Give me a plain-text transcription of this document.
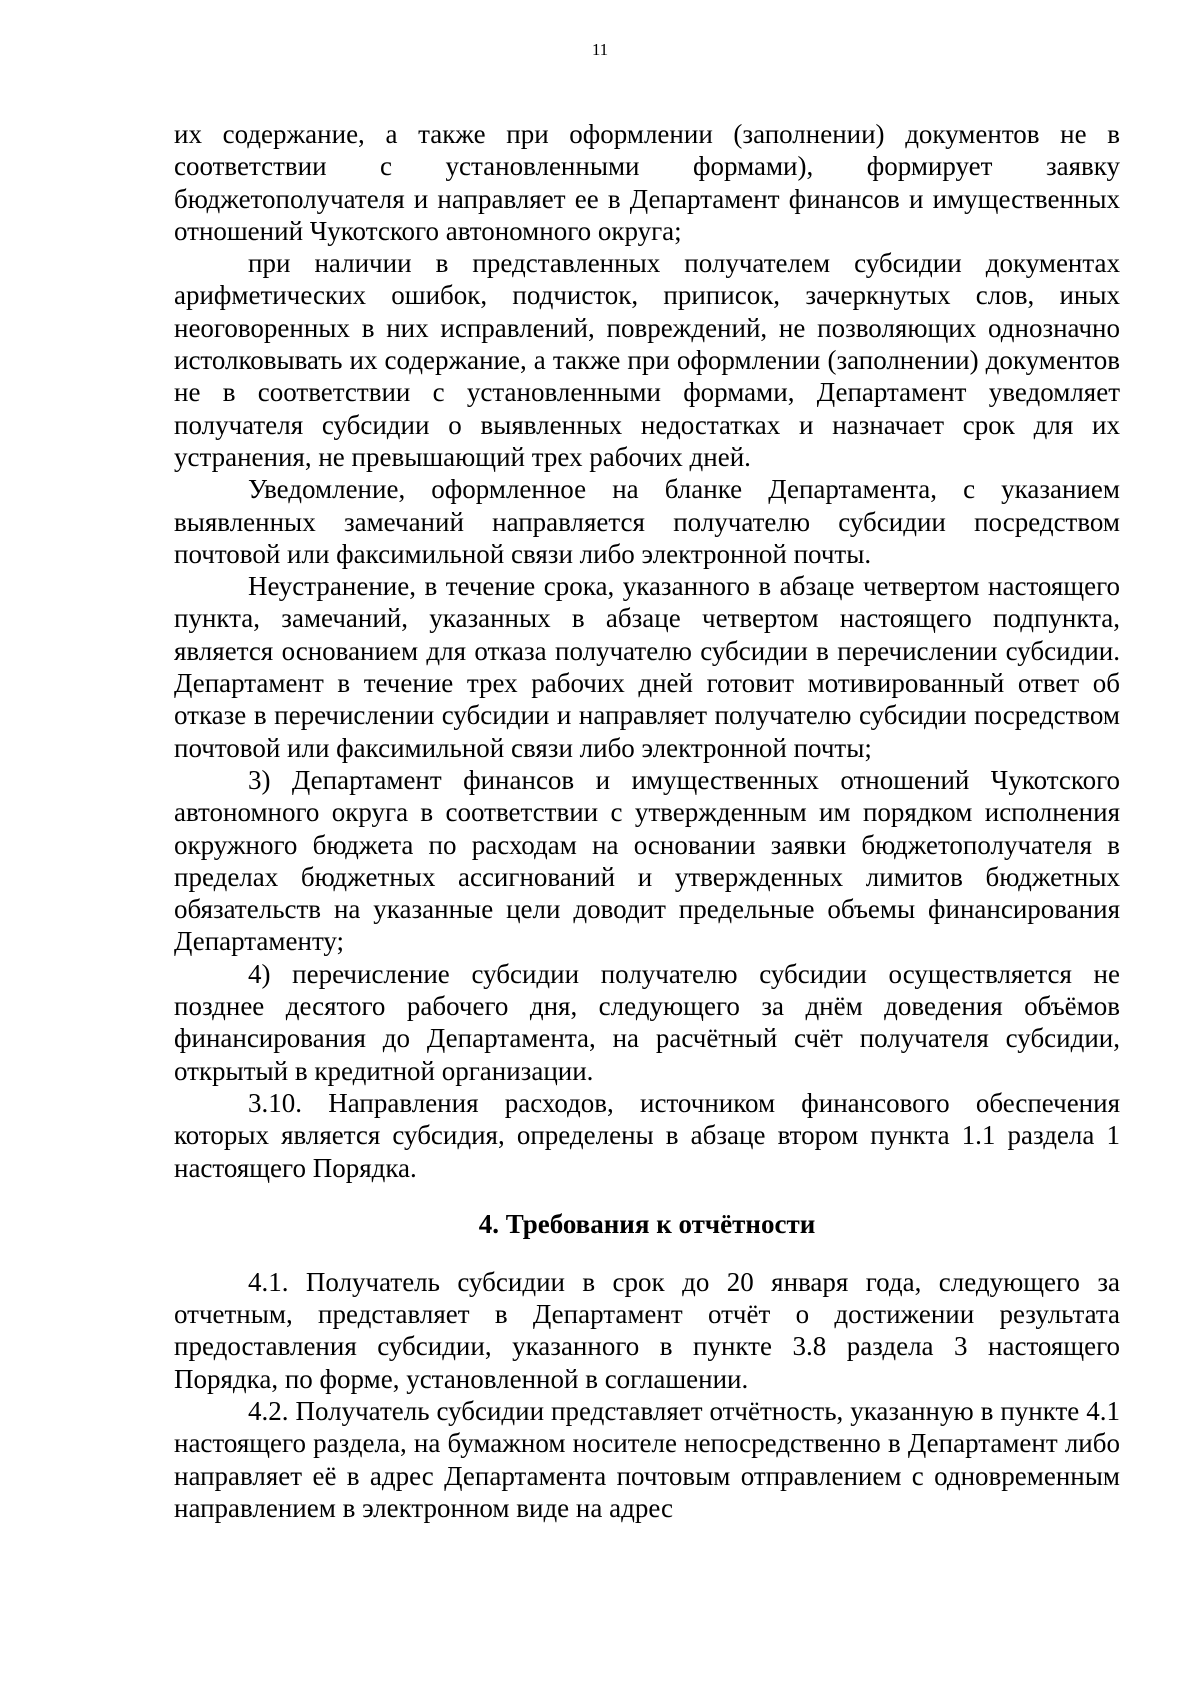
11

их содержание, а также при оформлении (заполнении) документов не в соответствии с установленными формами), формирует заявку бюджетополучателя и направляет ее в Департамент финансов и имущественных отношений Чукотского автономного округа;

при наличии в представленных получателем субсидии документах арифметических ошибок, подчисток, приписок, зачеркнутых слов, иных неоговоренных в них исправлений, повреждений, не позволяющих однозначно истолковывать их содержание, а также при оформлении (заполнении) документов не в соответствии с установленными формами, Департамент уведомляет получателя субсидии о выявленных недостатках и назначает срок для их устранения, не превышающий трех рабочих дней.

Уведомление, оформленное на бланке Департамента, с указанием выявленных замечаний направляется получателю субсидии посредством почтовой или факсимильной связи либо электронной почты.

Неустранение, в течение срока, указанного в абзаце четвертом настоящего пункта, замечаний, указанных в абзаце четвертом настоящего подпункта, является основанием для отказа получателю субсидии в перечислении субсидии. Департамент в течение трех рабочих дней готовит мотивированный ответ об отказе в перечислении субсидии и направляет получателю субсидии посредством почтовой или факсимильной связи либо электронной почты;

3) Департамент финансов и имущественных отношений Чукотского автономного округа в соответствии с утвержденным им порядком исполнения окружного бюджета по расходам на основании заявки бюджетополучателя в пределах бюджетных ассигнований и утвержденных лимитов бюджетных обязательств на указанные цели доводит предельные объемы финансирования Департаменту;

4) перечисление субсидии получателю субсидии осуществляется не позднее десятого рабочего дня, следующего за днём доведения объёмов финансирования до Департамента, на расчётный счёт получателя субсидии, открытый в кредитной организации.

3.10. Направления расходов, источником финансового обеспечения которых является субсидия, определены в абзаце втором пункта 1.1 раздела 1 настоящего Порядка.

4. Требования к отчётности

4.1. Получатель субсидии в срок до 20 января года, следующего за отчетным, представляет в Департамент отчёт о достижении результата предоставления субсидии, указанного в пункте 3.8 раздела 3 настоящего Порядка, по форме, установленной в соглашении.

4.2. Получатель субсидии представляет отчётность, указанную в пункте 4.1 настоящего раздела, на бумажном носителе непосредственно в Департамент либо направляет её в адрес Департамента почтовым отправлением с одновременным направлением в электронном виде на адрес
